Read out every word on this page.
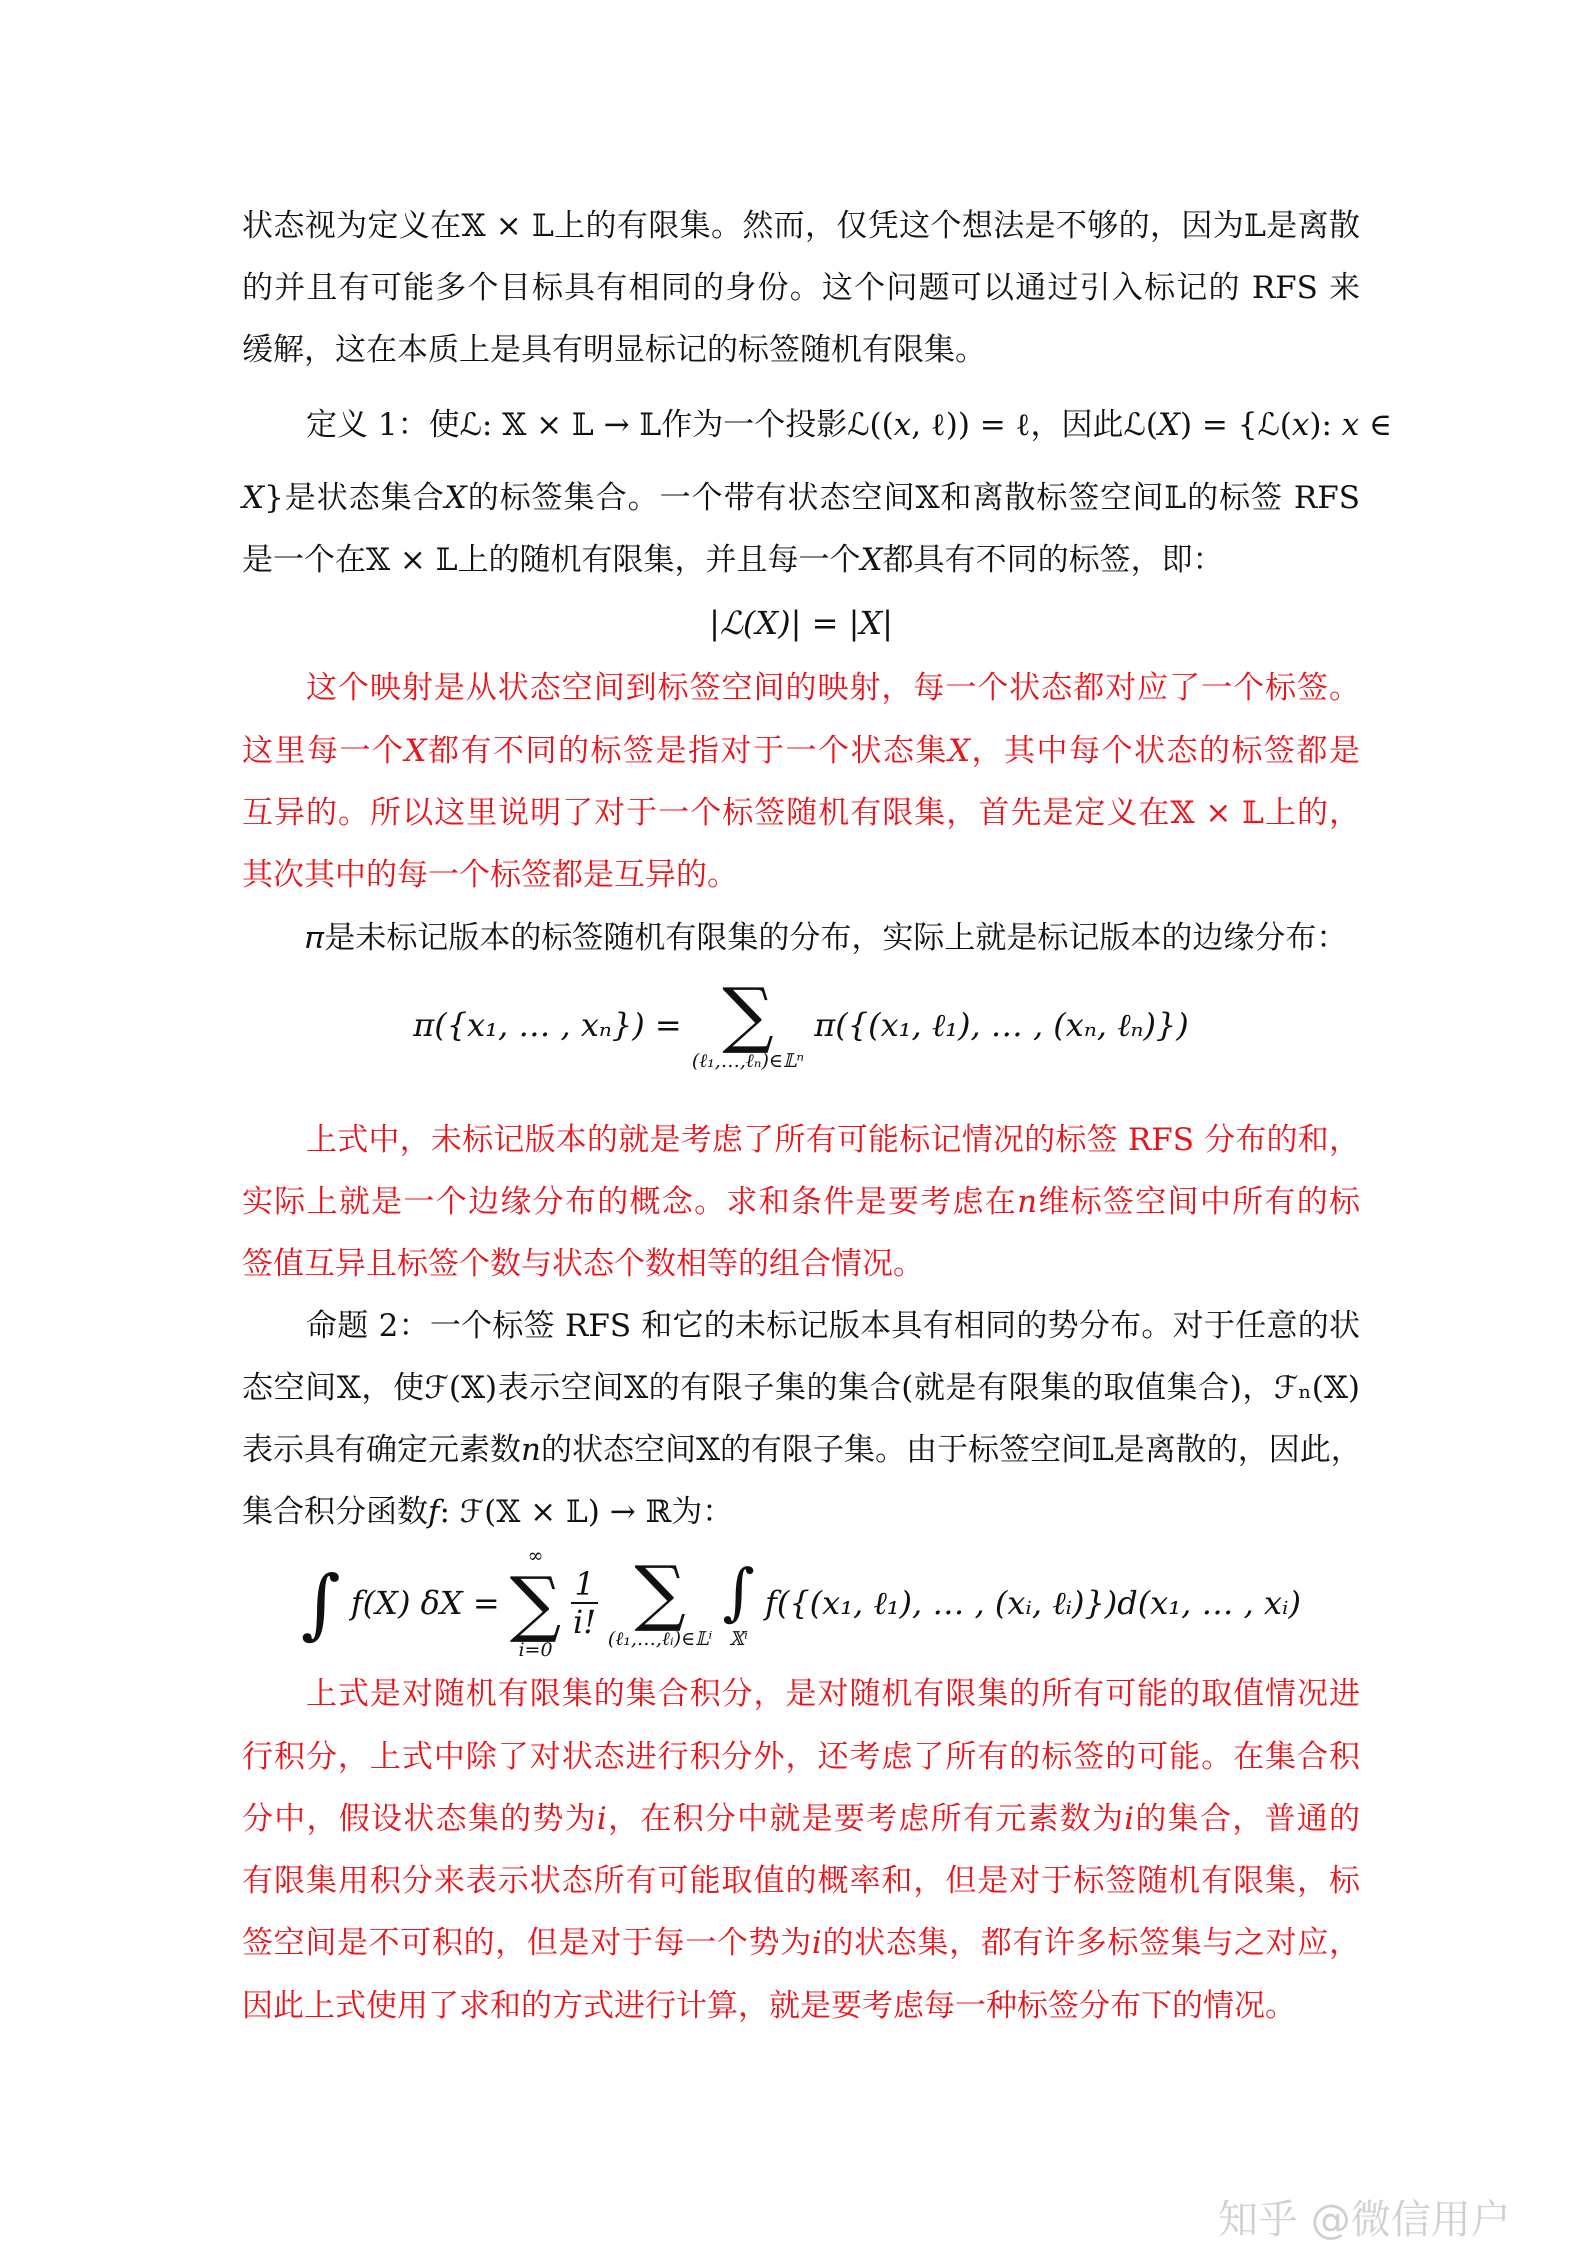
状态视为定义在𝕏 × 𝕃上的有限集。然而，仅凭这个想法是不够的，因为𝕃是离散
的并且有可能多个目标具有相同的身份。这个问题可以通过引入标记的 RFS 来
缓解，这在本质上是具有明显标记的标签随机有限集。
定义 1：使ℒ: 𝕏 × 𝕃 → 𝕃作为一个投影ℒ((𝑥, ℓ)) = ℓ，因此ℒ(𝑋) = {ℒ(𝑥): 𝑥 ∈
𝑋}是状态集合𝑋的标签集合。一个带有状态空间𝕏和离散标签空间𝕃的标签 RFS
是一个在𝕏 × 𝕃上的随机有限集，并且每一个𝑋都具有不同的标签，即：
|ℒ(𝑋)| = |𝑋|
这个映射是从状态空间到标签空间的映射，每一个状态都对应了一个标签。
这里每一个𝑋都有不同的标签是指对于一个状态集𝑋，其中每个状态的标签都是
互异的。所以这里说明了对于一个标签随机有限集，首先是定义在𝕏 × 𝕃上的，
其次其中的每一个标签都是互异的。
𝜋是未标记版本的标签随机有限集的分布，实际上就是标记版本的边缘分布：
𝜋({𝑥₁, … , 𝑥ₙ}) = ∑
(ℓ₁,…,ℓₙ)∈𝕃ⁿ
𝜋({(𝑥₁, ℓ₁), … , (𝑥ₙ, ℓₙ)})
上式中，未标记版本的就是考虑了所有可能标记情况的标签 RFS 分布的和，
实际上就是一个边缘分布的概念。求和条件是要考虑在𝑛维标签空间中所有的标
签值互异且标签个数与状态个数相等的组合情况。
命题 2：一个标签 RFS 和它的未标记版本具有相同的势分布。对于任意的状
态空间𝕏，使ℱ(𝕏)表示空间𝕏的有限子集的集合(就是有限集的取值集合)，ℱₙ(𝕏)
表示具有确定元素数𝑛的状态空间𝕏的有限子集。由于标签空间𝕃是离散的，因此，
集合积分函数𝑓: ℱ(𝕏 × 𝕃) → ℝ为：
∫ 𝑓(𝑋) 𝛿𝑋 =
∞
∑
𝑖=0

$\frac{1}{\text{𝑖!}}$
∑
(ℓ₁,…,ℓᵢ)∈𝕃ⁱ

∫
𝕏ⁱ
𝑓({(𝑥₁, ℓ₁), … , (𝑥ᵢ, ℓᵢ)})𝑑(𝑥₁, … , 𝑥ᵢ)
上式是对随机有限集的集合积分，是对随机有限集的所有可能的取值情况进
行积分，上式中除了对状态进行积分外，还考虑了所有的标签的可能。在集合积
分中，假设状态集的势为𝑖，在积分中就是要考虑所有元素数为𝑖的集合，普通的
有限集用积分来表示状态所有可能取值的概率和，但是对于标签随机有限集，标
签空间是不可积的，但是对于每一个势为𝑖的状态集，都有许多标签集与之对应，
因此上式使用了求和的方式进行计算，就是要考虑每一种标签分布下的情况。
知乎 @微信用户
